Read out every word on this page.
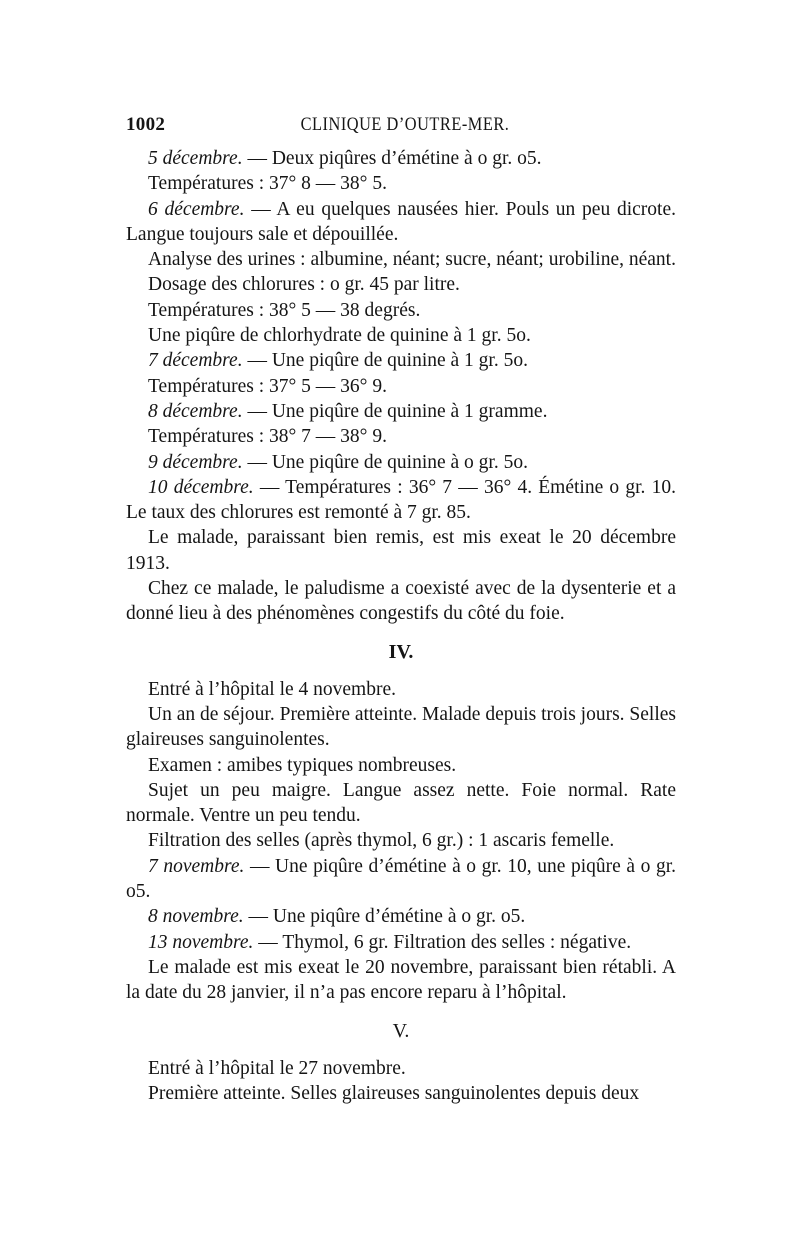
1002	CLINIQUE D’OUTRE-MER.

5 décembre. — Deux piqûres d’émétine à o gr. o5.

Températures : 37° 8 — 38° 5.

6 décembre. — A eu quelques nausées hier. Pouls un peu dicrote. Langue toujours sale et dépouillée.

Analyse des urines : albumine, néant; sucre, néant; urobiline, néant.

Dosage des chlorures : o gr. 45 par litre.

Températures : 38° 5 — 38 degrés.

Une piqûre de chlorhydrate de quinine à 1 gr. 5o.

7 décembre. — Une piqûre de quinine à 1 gr. 5o.

Températures : 37° 5 — 36° 9.

8 décembre. — Une piqûre de quinine à 1 gramme.

Températures : 38° 7 — 38° 9.

9 décembre. — Une piqûre de quinine à o gr. 5o.

10 décembre. — Températures : 36° 7 — 36° 4. Émétine o gr. 10. Le taux des chlorures est remonté à 7 gr. 85.

Le malade, paraissant bien remis, est mis exeat le 20 décembre 1913.

Chez ce malade, le paludisme a coexisté avec de la dysenterie et a donné lieu à des phénomènes congestifs du côté du foie.

IV.

Entré à l’hôpital le 4 novembre.

Un an de séjour. Première atteinte. Malade depuis trois jours. Selles glaireuses sanguinolentes.

Examen : amibes typiques nombreuses.

Sujet un peu maigre. Langue assez nette. Foie normal. Rate normale. Ventre un peu tendu.

Filtration des selles (après thymol, 6 gr.) : 1 ascaris femelle.

7 novembre. — Une piqûre d’émétine à o gr. 10, une piqûre à o gr. o5.

8 novembre. — Une piqûre d’émétine à o gr. o5.

13 novembre. — Thymol, 6 gr. Filtration des selles : négative.

Le malade est mis exeat le 20 novembre, paraissant bien rétabli. A la date du 28 janvier, il n’a pas encore reparu à l’hôpital.

V.

Entré à l’hôpital le 27 novembre.

Première atteinte. Selles glaireuses sanguinolentes depuis deux
